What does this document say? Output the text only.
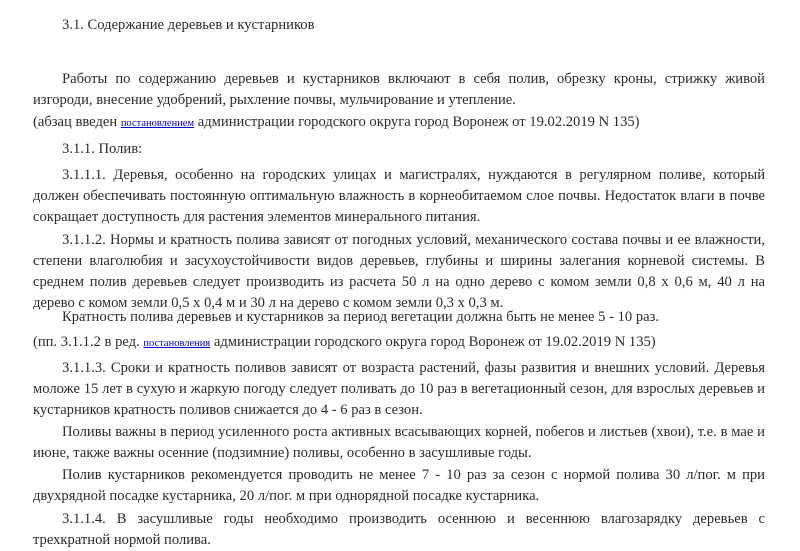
3.1. Содержание деревьев и кустарников

Работы по содержанию деревьев и кустарников включают в себя полив, обрезку кроны, стрижку живой изгороди, внесение удобрений, рыхление почвы, мульчирование и утепление.

(абзац введен постановлением администрации городского округа город Воронеж от 19.02.2019 N 135)

3.1.1. Полив:

3.1.1.1. Деревья, особенно на городских улицах и магистралях, нуждаются в регулярном поливе, который должен обеспечивать постоянную оптимальную влажность в корнеобитаемом слое почвы. Недостаток влаги в почве сокращает доступность для растения элементов минерального питания.

3.1.1.2. Нормы и кратность полива зависят от погодных условий, механического состава почвы и ее влажности, степени влаголюбия и засухоустойчивости видов деревьев, глубины и ширины залегания корневой системы. В среднем полив деревьев следует производить из расчета 50 л на одно дерево с комом земли 0,8 х 0,6 м, 40 л на дерево с комом земли 0,5 х 0,4 м и 30 л на дерево с комом земли 0,3 х 0,3 м.

Кратность полива деревьев и кустарников за период вегетации должна быть не менее 5 - 10 раз.

(пп. 3.1.1.2 в ред. постановления администрации городского округа город Воронеж от 19.02.2019 N 135)

3.1.1.3. Сроки и кратность поливов зависят от возраста растений, фазы развития и внешних условий. Деревья моложе 15 лет в сухую и жаркую погоду следует поливать до 10 раз в вегетационный сезон, для взрослых деревьев и кустарников кратность поливов снижается до 4 - 6 раз в сезон.

Поливы важны в период усиленного роста активных всасывающих корней, побегов и листьев (хвои), т.е. в мае и июне, также важны осенние (подзимние) поливы, особенно в засушливые годы.

Полив кустарников рекомендуется проводить не менее 7 - 10 раз за сезон с нормой полива 30 л/пог. м при двухрядной посадке кустарника, 20 л/пог. м при однорядной посадке кустарника.

3.1.1.4. В засушливые годы необходимо производить осеннюю и весеннюю влагозарядку деревьев с трехкратной нормой полива.
